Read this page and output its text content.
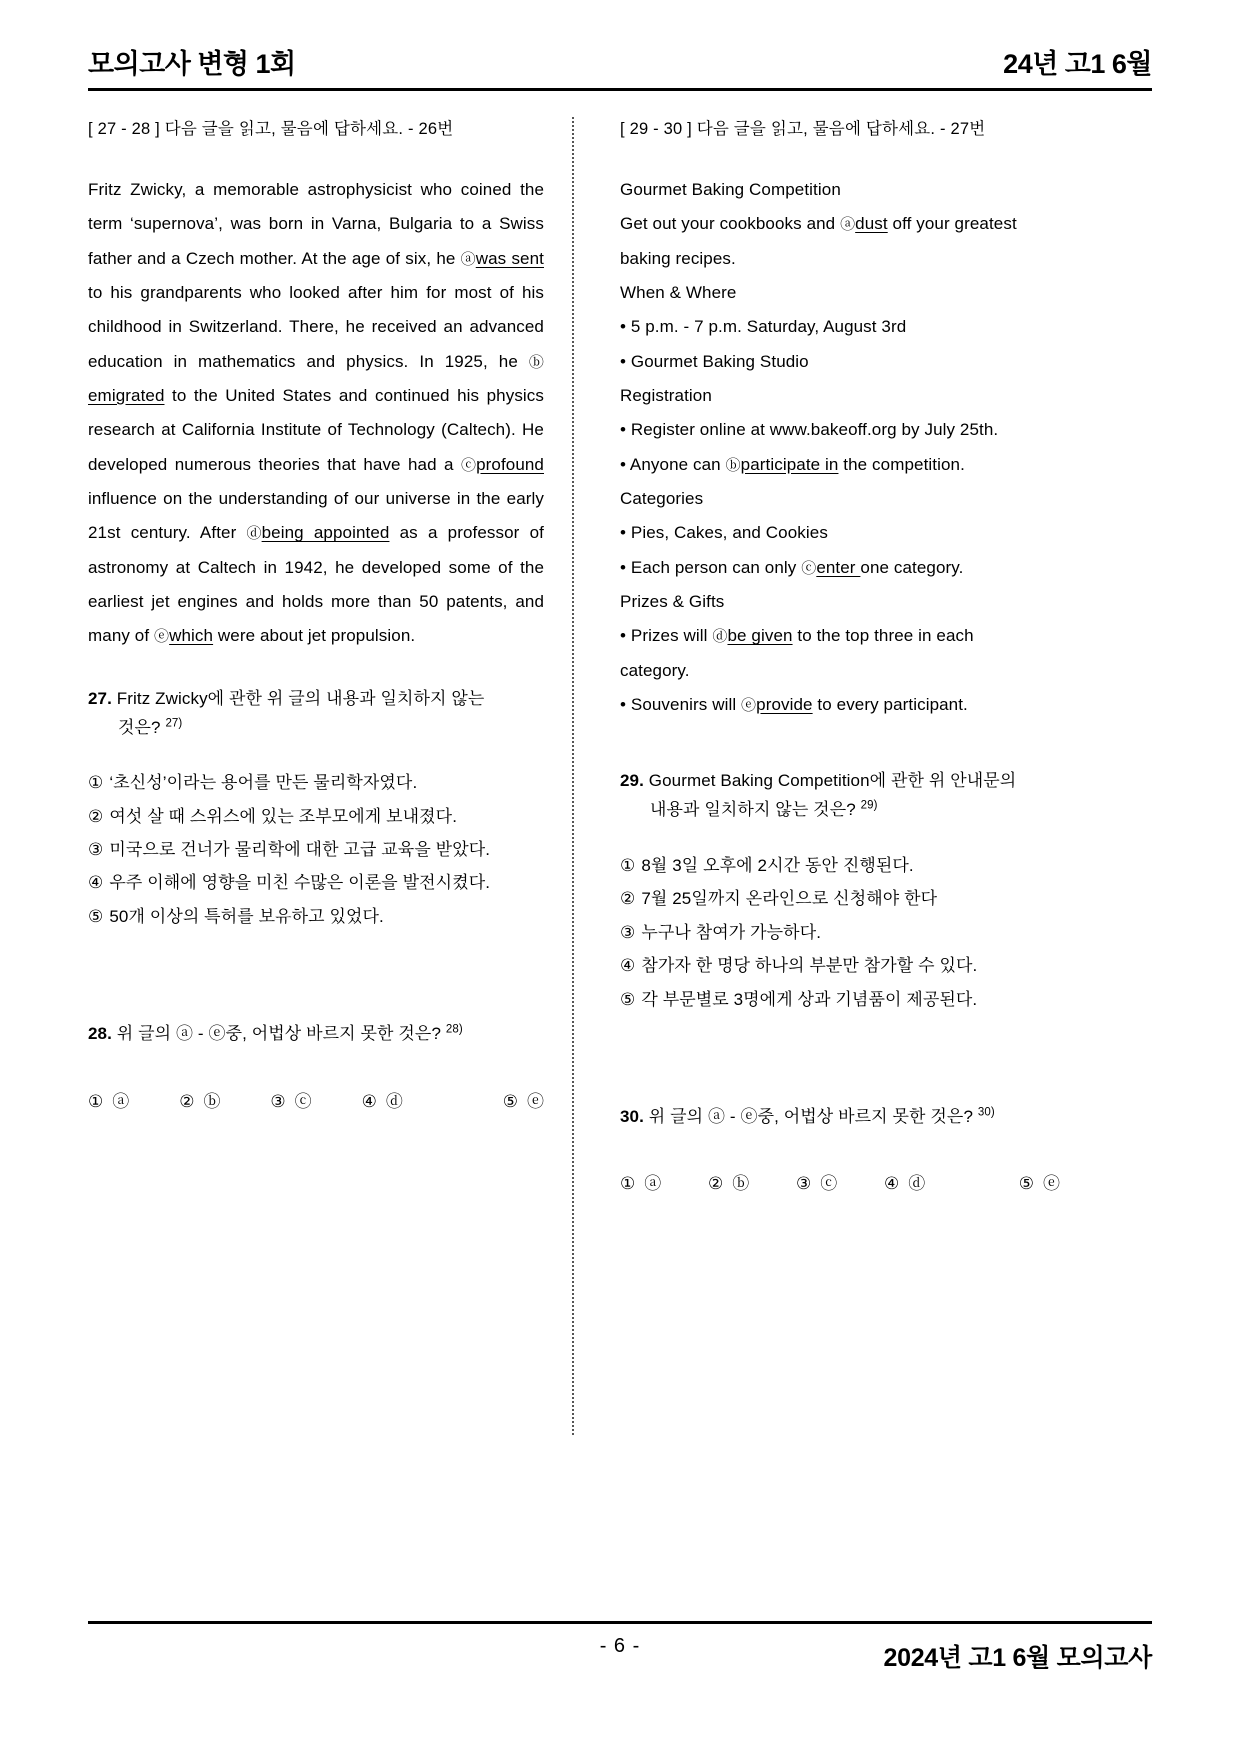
모의고사 변형 1회	24년 고1 6월
[ 27 - 28 ] 다음 글을 읽고, 물음에 답하세요. - 26번
Fritz Zwicky, a memorable astrophysicist who coined the term ‘supernova’, was born in Varna, Bulgaria to a Swiss father and a Czech mother. At the age of six, he ⓐwas sent to his grandparents who looked after him for most of his childhood in Switzerland. There, he received an advanced education in mathematics and physics. In 1925, he ⓑemigrated to the United States and continued his physics research at California Institute of Technology (Caltech). He developed numerous theories that have had a ⓒprofound influence on the understanding of our universe in the early 21st century. After ⓓbeing appointed as a professor of astronomy at Caltech in 1942, he developed some of the earliest jet engines and holds more than 50 patents, and many of ⓔwhich were about jet propulsion.
27. Fritz Zwicky에 관한 위 글의 내용과 일치하지 않는
것은? $^{27)}$
① ‘초신성’이라는 용어를 만든 물리학자였다.
② 여섯 살 때 스위스에 있는 조부모에게 보내졌다.
③ 미국으로 건너가 물리학에 대한 고급 교육을 받았다.
④ 우주 이해에 영향을 미친 수많은 이론을 발전시켰다.
⑤ 50개 이상의 특허를 보유하고 있었다.
28. 위 글의 ⓐ - ⓔ중, 어법상 바르지 못한 것은? $^{28)}$
① ⓐ	② ⓑ	③ ⓒ	④ ⓓ	⑤ ⓔ
[ 29 - 30 ] 다음 글을 읽고, 물음에 답하세요. - 27번
Gourmet Baking Competition
Get out your cookbooks and ⓐdust off your greatest
baking recipes.
When & Where
• 5 p.m. - 7 p.m. Saturday, August 3rd
• Gourmet Baking Studio
Registration
• Register online at www.bakeoff.org by July 25th.
• Anyone can ⓑparticipate in the competition.
Categories
• Pies, Cakes, and Cookies
• Each person can only ⓒenter one category.
Prizes & Gifts
• Prizes will ⓓbe given to the top three in each
category.
• Souvenirs will ⓔprovide to every participant.
29. Gourmet Baking Competition에 관한 위 안내문의
내용과 일치하지 않는 것은? $^{29)}$
① 8월 3일 오후에 2시간 동안 진행된다.
② 7월 25일까지 온라인으로 신청해야 한다
③ 누구나 참여가 가능하다.
④ 참가자 한 명당 하나의 부분만 참가할 수 있다.
⑤ 각 부문별로 3명에게 상과 기념품이 제공된다.
30. 위 글의 ⓐ - ⓔ중, 어법상 바르지 못한 것은? $^{30)}$
① ⓐ	② ⓑ	③ ⓒ	④ ⓓ	⑤ ⓔ
- 6 -	2024년 고1 6월 모의고사
